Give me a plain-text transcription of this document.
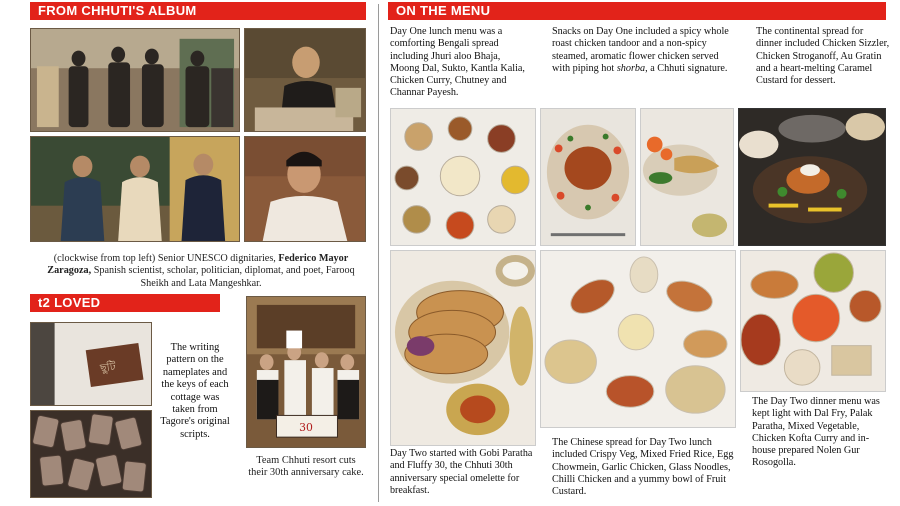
FROM CHHUTI'S ALBUM	ON THE MENU
t2 LOVED
(clockwise from top left) Senior UNESCO dignitaries, Federico Mayor Zaragoza, Spanish scientist, scholar, politician, diplomat, and poet, Farooq Sheikh and Lata Mangeshkar.
ছুটি
The writing pattern on the nameplates and the keys of each cottage was taken from Tagore's original scripts.
30
Team Chhuti resort cuts their 30th anniversary cake.
Day One lunch menu was a comforting Bengali spread including Jhuri aloo Bhaja, Moong Dal, Sukto, Kantla Kalia, Chicken Curry, Chutney and Channar Payesh.
Snacks on Day One included a spicy whole roast chicken tandoor and a non-spicy steamed, aromatic flower chicken served with piping hot shorba, a Chhuti signature.
The continental spread for dinner included Chicken Sizzler, Chicken Stroganoff, Au Gratin and a heart-melting Caramel Custard for dessert.
Day Two started with Gobi Paratha and Fluffy 30, the Chhuti 30th anniversary special omelette for breakfast.
The Chinese spread for Day Two lunch included Crispy Veg, Mixed Fried Rice, Egg Chowmein, Garlic Chicken, Glass Noodles, Chilli Chicken and a yummy bowl of Fruit Custard.
The Day Two dinner menu was kept light with Dal Fry, Palak Paratha, Mixed Vegetable, Chicken Kofta Curry and in-house prepared Nolen Gur Rosogolla.
